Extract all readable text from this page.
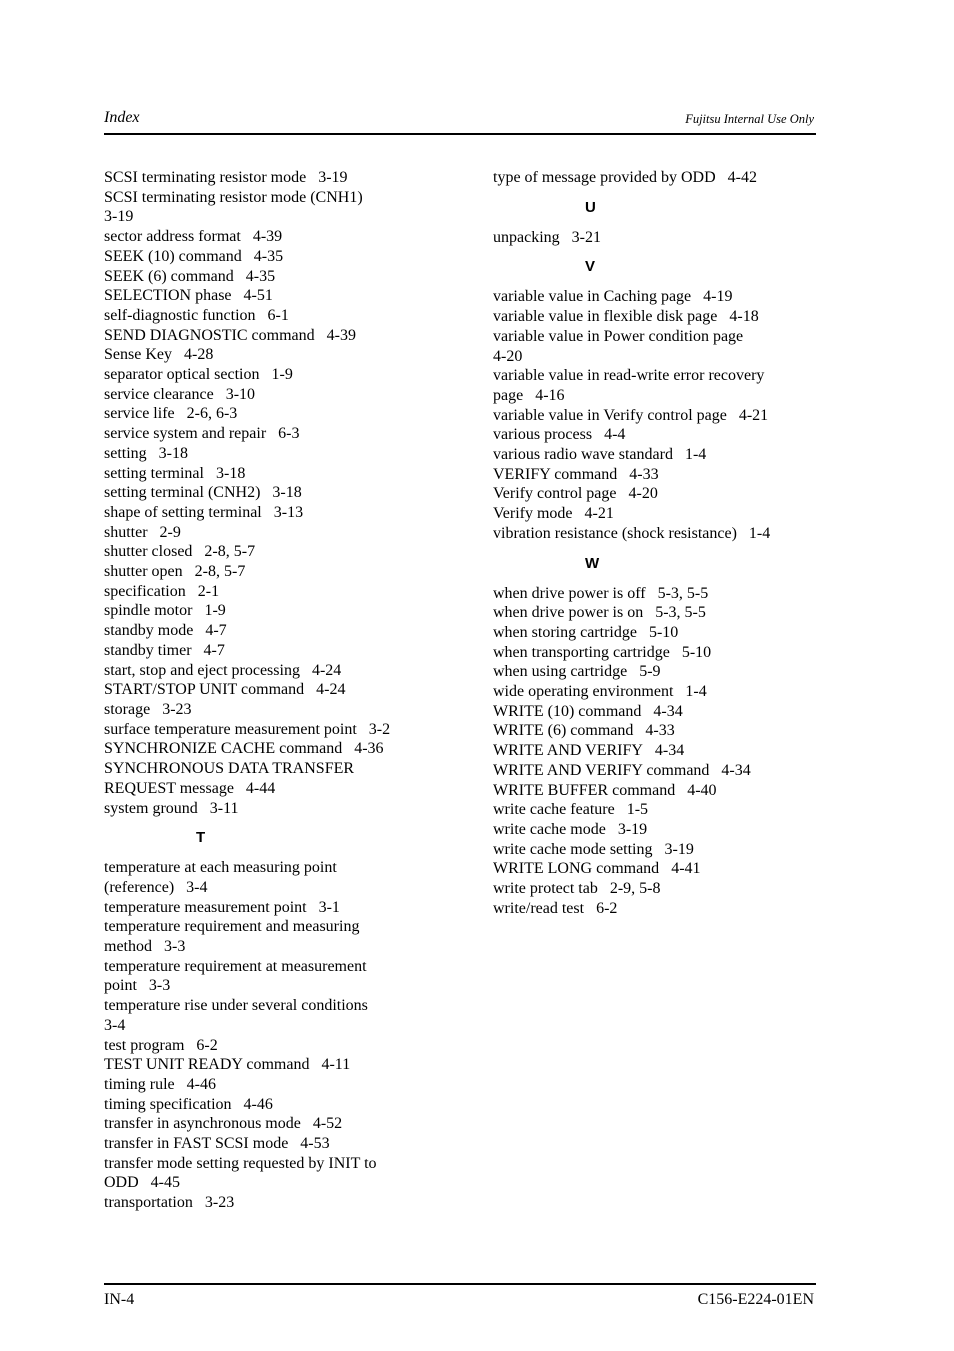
Index	Fujitsu Internal Use Only
SCSI terminating resistor mode 3-19
SCSI terminating resistor mode (CNH1)
3-19
sector address format 4-39
SEEK (10) command 4-35
SEEK (6) command 4-35
SELECTION phase 4-51
self-diagnostic function 6-1
SEND DIAGNOSTIC command 4-39
Sense Key 4-28
separator optical section 1-9
service clearance 3-10
service life 2-6, 6-3
service system and repair 6-3
setting 3-18
setting terminal 3-18
setting terminal (CNH2) 3-18
shape of setting terminal 3-13
shutter 2-9
shutter closed 2-8, 5-7
shutter open 2-8, 5-7
specification 2-1
spindle motor 1-9
standby mode 4-7
standby timer 4-7
start, stop and eject processing 4-24
START/STOP UNIT command 4-24
storage 3-23
surface temperature measurement point 3-2
SYNCHRONIZE CACHE command 4-36
SYNCHRONOUS DATA TRANSFER
REQUEST message 4-44
system ground 3-11
T
temperature at each measuring point
(reference) 3-4
temperature measurement point 3-1
temperature requirement and measuring
method 3-3
temperature requirement at measurement
point 3-3
temperature rise under several conditions
3-4
test program 6-2
TEST UNIT READY command 4-11
timing rule 4-46
timing specification 4-46
transfer in asynchronous mode 4-52
transfer in FAST SCSI mode 4-53
transfer mode setting requested by INIT to
ODD 4-45
transportation 3-23
type of message provided by ODD 4-42
U
unpacking 3-21
V
variable value in Caching page 4-19
variable value in flexible disk page 4-18
variable value in Power condition page
4-20
variable value in read-write error recovery
page 4-16
variable value in Verify control page 4-21
various process 4-4
various radio wave standard 1-4
VERIFY command 4-33
Verify control page 4-20
Verify mode 4-21
vibration resistance (shock resistance) 1-4
W
when drive power is off 5-3, 5-5
when drive power is on 5-3, 5-5
when storing cartridge 5-10
when transporting cartridge 5-10
when using cartridge 5-9
wide operating environment 1-4
WRITE (10) command 4-34
WRITE (6) command 4-33
WRITE AND VERIFY 4-34
WRITE AND VERIFY command 4-34
WRITE BUFFER command 4-40
write cache feature 1-5
write cache mode 3-19
write cache mode setting 3-19
WRITE LONG command 4-41
write protect tab 2-9, 5-8
write/read test 6-2
IN-4	C156-E224-01EN
